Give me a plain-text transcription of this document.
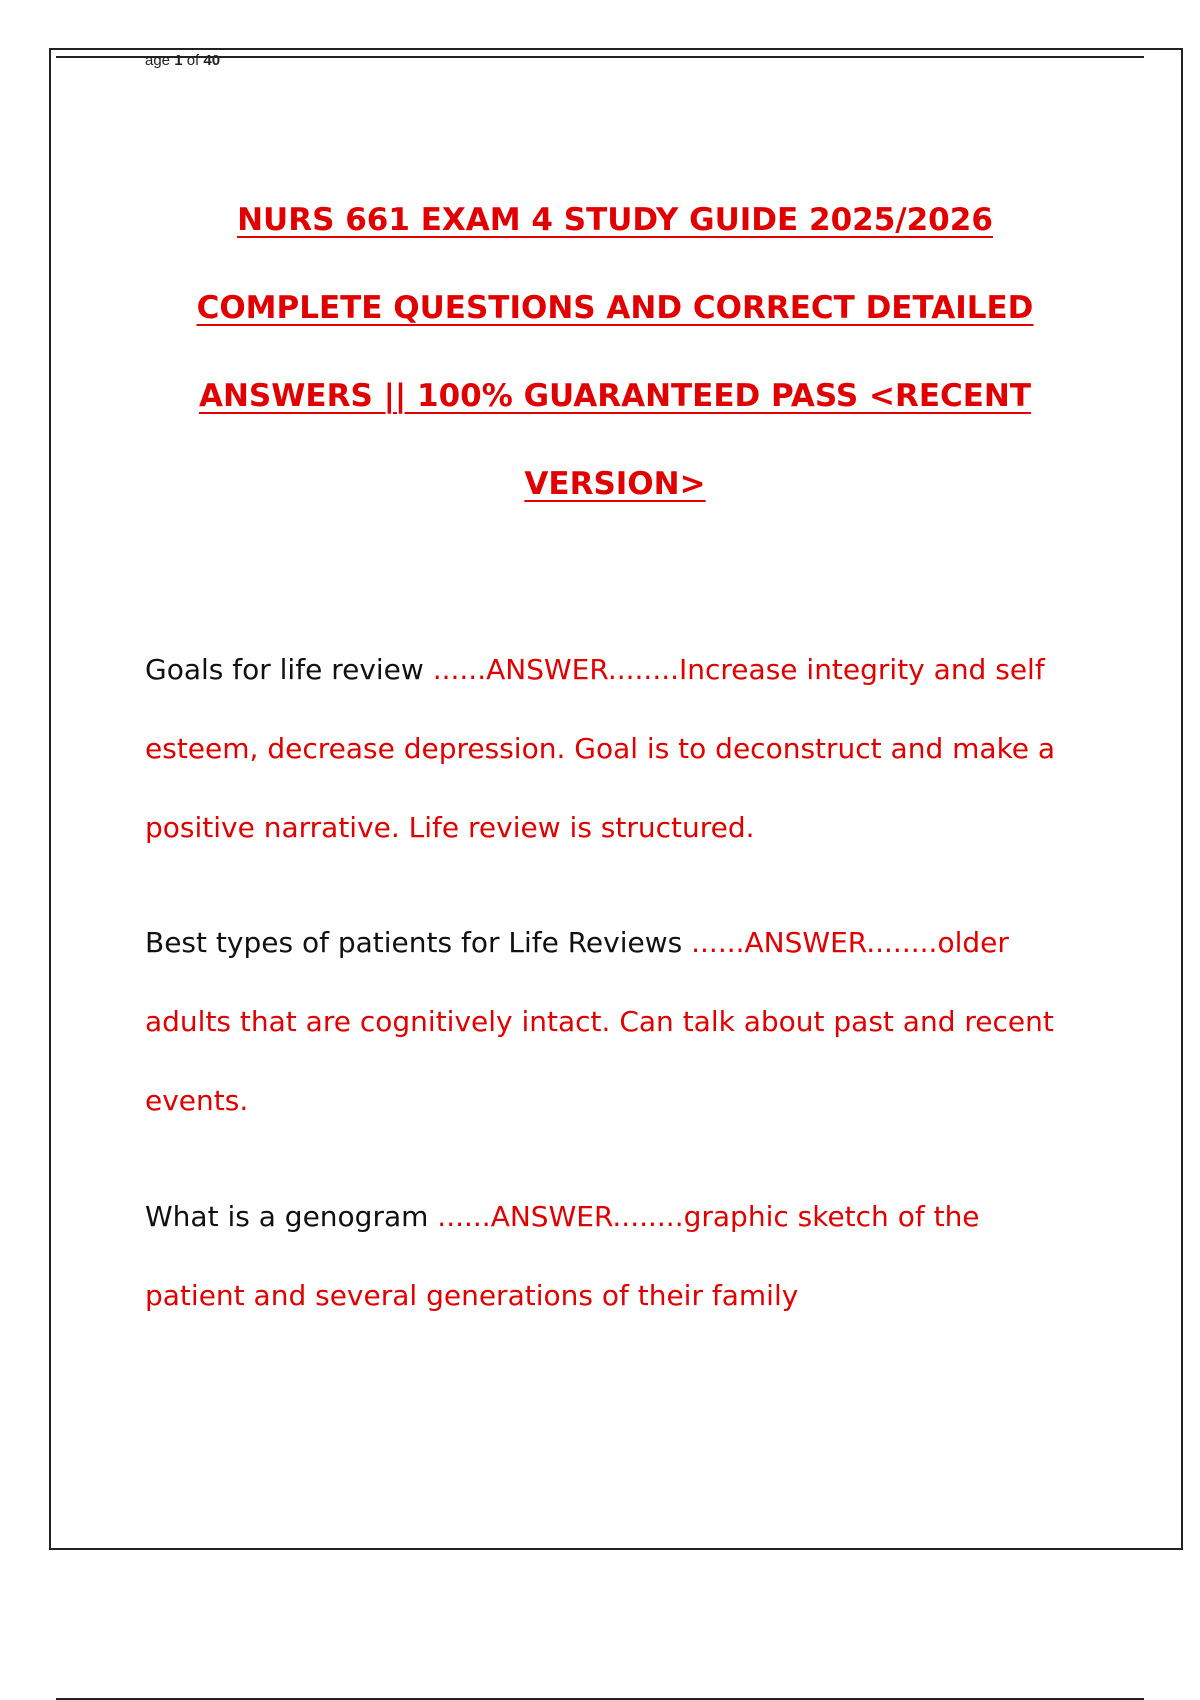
age 1 of 40
NURS 661 EXAM 4 STUDY GUIDE 2025/2026
COMPLETE QUESTIONS AND CORRECT DETAILED
ANSWERS || 100% GUARANTEED PASS <RECENT
VERSION>
Goals for life review ......ANSWER........Increase integrity and self esteem, decrease depression. Goal is to deconstruct and make a positive narrative. Life review is structured.
Best types of patients for Life Reviews ......ANSWER........older adults that are cognitively intact. Can talk about past and recent events.
What is a genogram ......ANSWER........graphic sketch of the patient and several generations of their family
